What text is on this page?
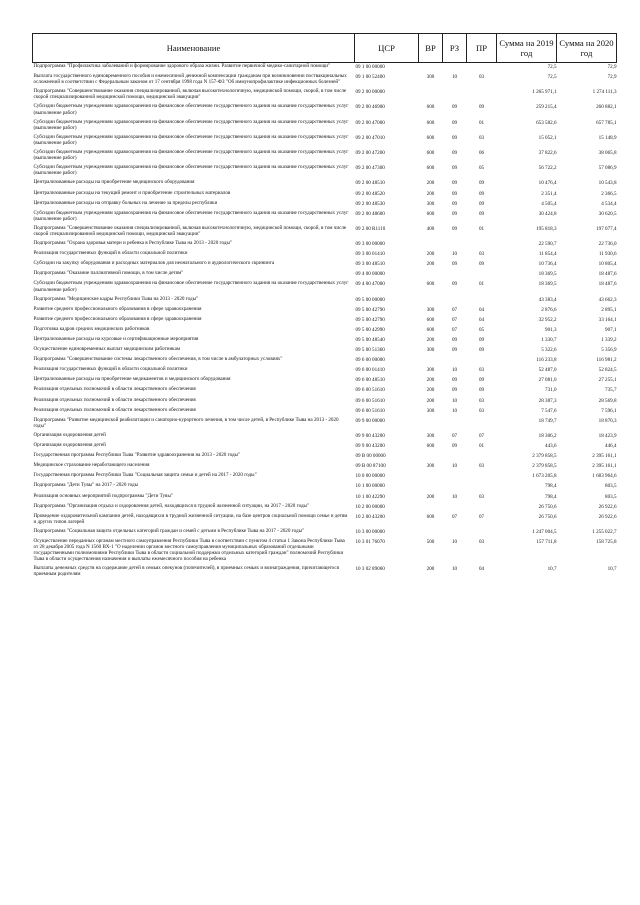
Наименование	ЦСР	ВР	РЗ	ПР	Сумма на 2019 год	Сумма на 2020 год
Подпрограмма "Профилактика заболеваний и формирование здорового образа жизни. Развитие первичной медико-санитарной помощи"	09 1 00 00000				72,5	72,9
Выплата государственного единовременного пособия и ежемесячной денежной компенсации гражданам при возникновении поствакцинальных осложнений в соответствии с Федеральным законом от 17 сентября 1998 года N 157-ФЗ "Об иммунопрофилактике инфекционных болезней"	09 1 00 52400	300	10	03	72,5	72,9
Подпрограмма "Совершенствование оказания специализированной, включая высокотехнологичную, медицинской помощи, скорой, в том числе скорой специализированной медицинской помощи, медицинской эвакуации"	09 2 00 00000				1 265 971,1	1 274 111,3
Субсидии бюджетным учреждениям здравоохранения на финансовое обеспечение государственного задания на оказание государственных услуг (выполнение работ)	09 2 00 46900	600	09	09	259 215,4	260 882,1
Субсидии бюджетным учреждениям здравоохранения на финансовое обеспечение государственного задания на оказание государственных услуг (выполнение работ)	09 2 00 47000	600	09	01	653 582,6	657 785,1
Субсидии бюджетным учреждениям здравоохранения на финансовое обеспечение государственного задания на оказание государственных услуг (выполнение работ)	09 2 00 47010	600	09	03	15 052,1	15 148,9
Субсидии бюджетным учреждениям здравоохранения на финансовое обеспечение государственного задания на оказание государственных услуг (выполнение работ)	09 2 00 47200	600	09	06	37 822,6	38 065,8
Субсидии бюджетным учреждениям здравоохранения на финансовое обеспечение государственного задания на оказание государственных услуг (выполнение работ)	09 2 00 47300	600	09	05	56 722,2	57 086,9
Централизованные расходы на приобретение медицинского оборудования	09 2 00 48510	200	09	09	10 476,4	10 543,8
Централизованные расходы на текущий ремонт и приобретение строительных материалов	09 2 00 48520	200	09	09	2 351,4	2 366,5
Централизованные расходы на отправку больных на лечение за пределы республики	09 2 00 48530	300	09	09	4 505,4	4 534,4
Субсидии бюджетным учреждениям здравоохранения на финансовое обеспечение государственного задания на оказание государственных услуг (выполнение работ)	09 2 00 48600	600	09	09	30 424,8	30 620,5
Подпрограмма "Совершенствование оказания специализированной, включая высокотехнологичную, медицинской помощи, скорой, в том числе скорой специализированной медицинской помощи, медицинской эвакуации"	09 2 00 R1110	400	09	01	195 818,3	197 077,4
Подпрограмма "Охрана здоровья матери и ребенка в Республике Тыва на 2013 - 2020 годы"	09 3 00 00000				22 590,7	22 736,0
Реализация государственных функций в области социальной политики	09 3 00 01410	200	10	03	11 854,4	11 930,6
Субсидии на закупку оборудования и расходных материалов для неонатального и аудиологического скрининга	09 3 00 48510	200	09	09	10 736,4	10 805,4
Подпрограмма "Оказание паллиативной помощи, в том числе детям"	09 4 00 00000				18 369,5	18 487,6
Субсидии бюджетным учреждениям здравоохранения на финансовое обеспечение государственного задания на оказание государственных услуг (выполнение работ)	09 4 00 47000	600	09	01	18 369,5	18 487,6
Подпрограмма "Медицинские кадры Республики Тыва на 2013 - 2020 годы"	09 5 00 00000				43 383,4	43 662,3
Развитие среднего профессионального образования в сфере здравоохранения	09 5 00 42790	300	07	04	2 876,6	2 895,1
Развитие среднего профессионального образования в сфере здравоохранения	09 5 00 42790	600	07	04	32 952,2	33 164,1
Подготовка кадров средних медицинских работников	09 5 00 42990	600	07	05	901,3	907,1
Централизованные расходы на курсовые и сертификационные мероприятия	09 5 00 48540	200	09	09	1 330,7	1 339,2
Осуществление единовременных выплат медицинским работникам	09 5 00 51360	300	09	09	5 322,6	5 356,9
Подпрограмма "Совершенствование системы лекарственного обеспечения, в том числе в амбулаторных условиях"	09 6 00 00000				116 233,8	116 981,2
Реализация государственных функций в области социальной политики	09 6 00 01410	300	10	03	52 487,0	52 824,5
Централизованные расходы на приобретение медикаментов и медицинского оборудования	09 6 00 48510	200	09	09	27 081,0	27 255,1
Реализация отдельных полномочий в области лекарственного обеспечения	09 6 00 51610	200	09	09	731,0	735,7
Реализация отдельных полномочий в области лекарственного обеспечения	09 6 00 51610	200	10	03	28 387,3	28 569,8
Реализация отдельных полномочий в области лекарственного обеспечения	09 6 00 51610	300	10	03	7 547,6	7 596,1
Подпрограмма "Развитие медицинской реабилитации и санаторно-курортного лечения, в том числе детей, в Республике Тыва на 2013 - 2020 годы"	09 9 00 00000				18 749,7	18 870,3
Организация оздоровления детей	09 9 00 43200	300	07	07	18 306,2	18 423,9
Организация оздоровления детей	09 9 00 43200	600	09	01	443,6	446,4
Государственная программа Республики Тыва "Развитие здравоохранения на 2013 - 2020 годы"	09 В 00 00000				2 379 858,5	2 395 161,1
Медицинское страхование неработающего населения	09 В 00 87100	300	10	03	2 379 858,5	2 395 161,1
Государственная программа Республики Тыва "Социальная защита семьи и детей на 2017 - 2020 годы"	10 0 00 00000				1 673 205,8	1 683 964,6
Подпрограмма "Дети Тувы" на 2017 - 2020 годы	10 1 00 00000				798,4	803,5
Реализация основных мероприятий подпрограммы "Дети Тувы"	10 1 00 42290	200	10	03	798,4	803,5
Подпрограмма "Организация отдыха и оздоровления детей, находящихся в трудной жизненной ситуации, на 2017 - 2020 годы"	10 2 00 00000				26 750,6	26 922,6
Проведение оздоровительной кампании детей, находящихся в трудной жизненной ситуации, на базе центров социальной помощи семье и детям и других типов лагерей	10 2 00 43200	600	07	07	26 750,6	26 922,6
Подпрограмма "Социальная защита отдельных категорий граждан и семей с детьми в Республике Тыва на 2017 - 2020 годы"	10 3 00 00000				1 247 004,5	1 255 022,7
Осуществление переданных органам местного самоуправления Республики Тыва в соответствии с пунктом 4 статьи 1 Закона Республики Тыва от 28 декабря 2005 года N 1560 ВХ-1 "О наделении органов местного самоуправления муниципальных образований отдельными государственными полномочиями Республики Тыва в области социальной поддержки отдельных категорий граждан" полномочий Республики Тыва в области осуществления назначения и выплаты ежемесячного пособия на ребенка	10 3 01 76070	500	10	03	157 711,8	158 725,8
Выплаты денежных средств на содержание детей в семьях опекунов (попечителей), в приемных семьях и вознаграждения, причитающегося приемным родителям	10 3 02 89060	200	10	04	10,7	10,7
